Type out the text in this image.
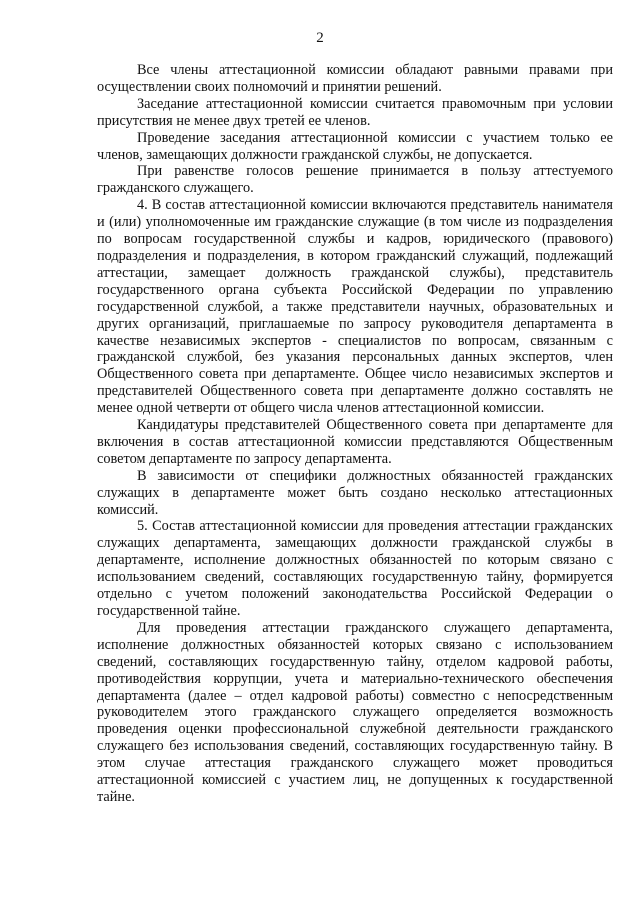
2

Все члены аттестационной комиссии обладают равными правами при осуществлении своих полномочий и принятии решений.

Заседание аттестационной комиссии считается правомочным при условии присутствия не менее двух третей ее членов.

Проведение заседания аттестационной комиссии с участием только ее членов, замещающих должности гражданской службы, не допускается.

При равенстве голосов решение принимается в пользу аттестуемого гражданского служащего.

4. В состав аттестационной комиссии включаются представитель нанимателя и (или) уполномоченные им гражданские служащие (в том числе из подразделения по вопросам государственной службы и кадров, юридического (правового) подразделения и подразделения, в котором гражданский служащий, подлежащий аттестации, замещает должность гражданской службы), представитель государственного органа субъекта Российской Федерации по управлению государственной службой, а также представители научных, образовательных и других организаций, приглашаемые по запросу руководителя департамента в качестве независимых экспертов - специалистов по вопросам, связанным с гражданской службой, без указания персональных данных экспертов, член Общественного совета при департаменте. Общее число независимых экспертов и представителей Общественного совета при департаменте должно составлять не менее одной четверти от общего числа членов аттестационной комиссии.

Кандидатуры представителей Общественного совета при департаменте для включения в состав аттестационной комиссии представляются Общественным советом департаменте по запросу департамента.

В зависимости от специфики должностных обязанностей гражданских служащих в департаменте может быть создано несколько аттестационных комиссий.

5. Состав аттестационной комиссии для проведения аттестации гражданских служащих департамента, замещающих должности гражданской службы в департаменте, исполнение должностных обязанностей по которым связано с использованием сведений, составляющих государственную тайну, формируется отдельно с учетом положений законодательства Российской Федерации о государственной тайне.

Для проведения аттестации гражданского служащего департамента, исполнение должностных обязанностей которых связано с использованием сведений, составляющих государственную тайну, отделом кадровой работы, противодействия коррупции, учета и материально-технического обеспечения департамента (далее – отдел кадровой работы) совместно с непосредственным руководителем этого гражданского служащего определяется возможность проведения оценки профессиональной служебной деятельности гражданского служащего без использования сведений, составляющих государственную тайну. В этом случае аттестация гражданского служащего может проводиться аттестационной комиссией с участием лиц, не допущенных к государственной тайне.
